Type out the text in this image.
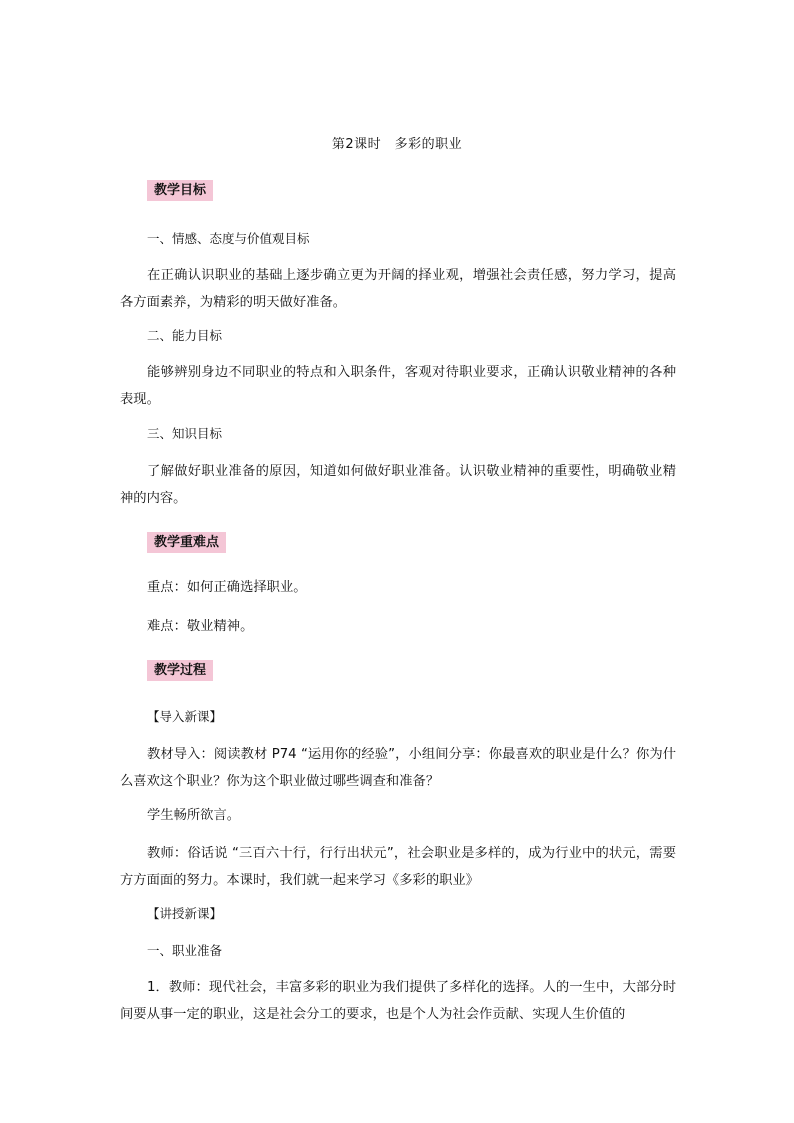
第2课时　多彩的职业
教学目标
一、情感、态度与价值观目标

在正确认识职业的基础上逐步确立更为开阔的择业观，增强社会责任感，努力学习，提高各方面素养，为精彩的明天做好准备。

二、能力目标

能够辨别身边不同职业的特点和入职条件，客观对待职业要求，正确认识敬业精神的各种表现。

三、知识目标

了解做好职业准备的原因，知道如何做好职业准备。认识敬业精神的重要性，明确敬业精神的内容。

教学重难点
重点：如何正确选择职业。
难点：敬业精神。
教学过程
【导入新课】

教材导入：阅读教材 P74 “运用你的经验”，小组间分享：你最喜欢的职业是什么？你为什么喜欢这个职业？你为这个职业做过哪些调查和准备？

学生畅所欲言。

教师：俗话说 “三百六十行，行行出状元”，社会职业是多样的，成为行业中的状元，需要方方面面的努力。本课时，我们就一起来学习《多彩的职业》

【讲授新课】
一、职业准备

1．教师：现代社会，丰富多彩的职业为我们提供了多样化的选择。人的一生中，大部分时间要从事一定的职业，这是社会分工的要求，也是个人为社会作贡献、实现人生价值的
